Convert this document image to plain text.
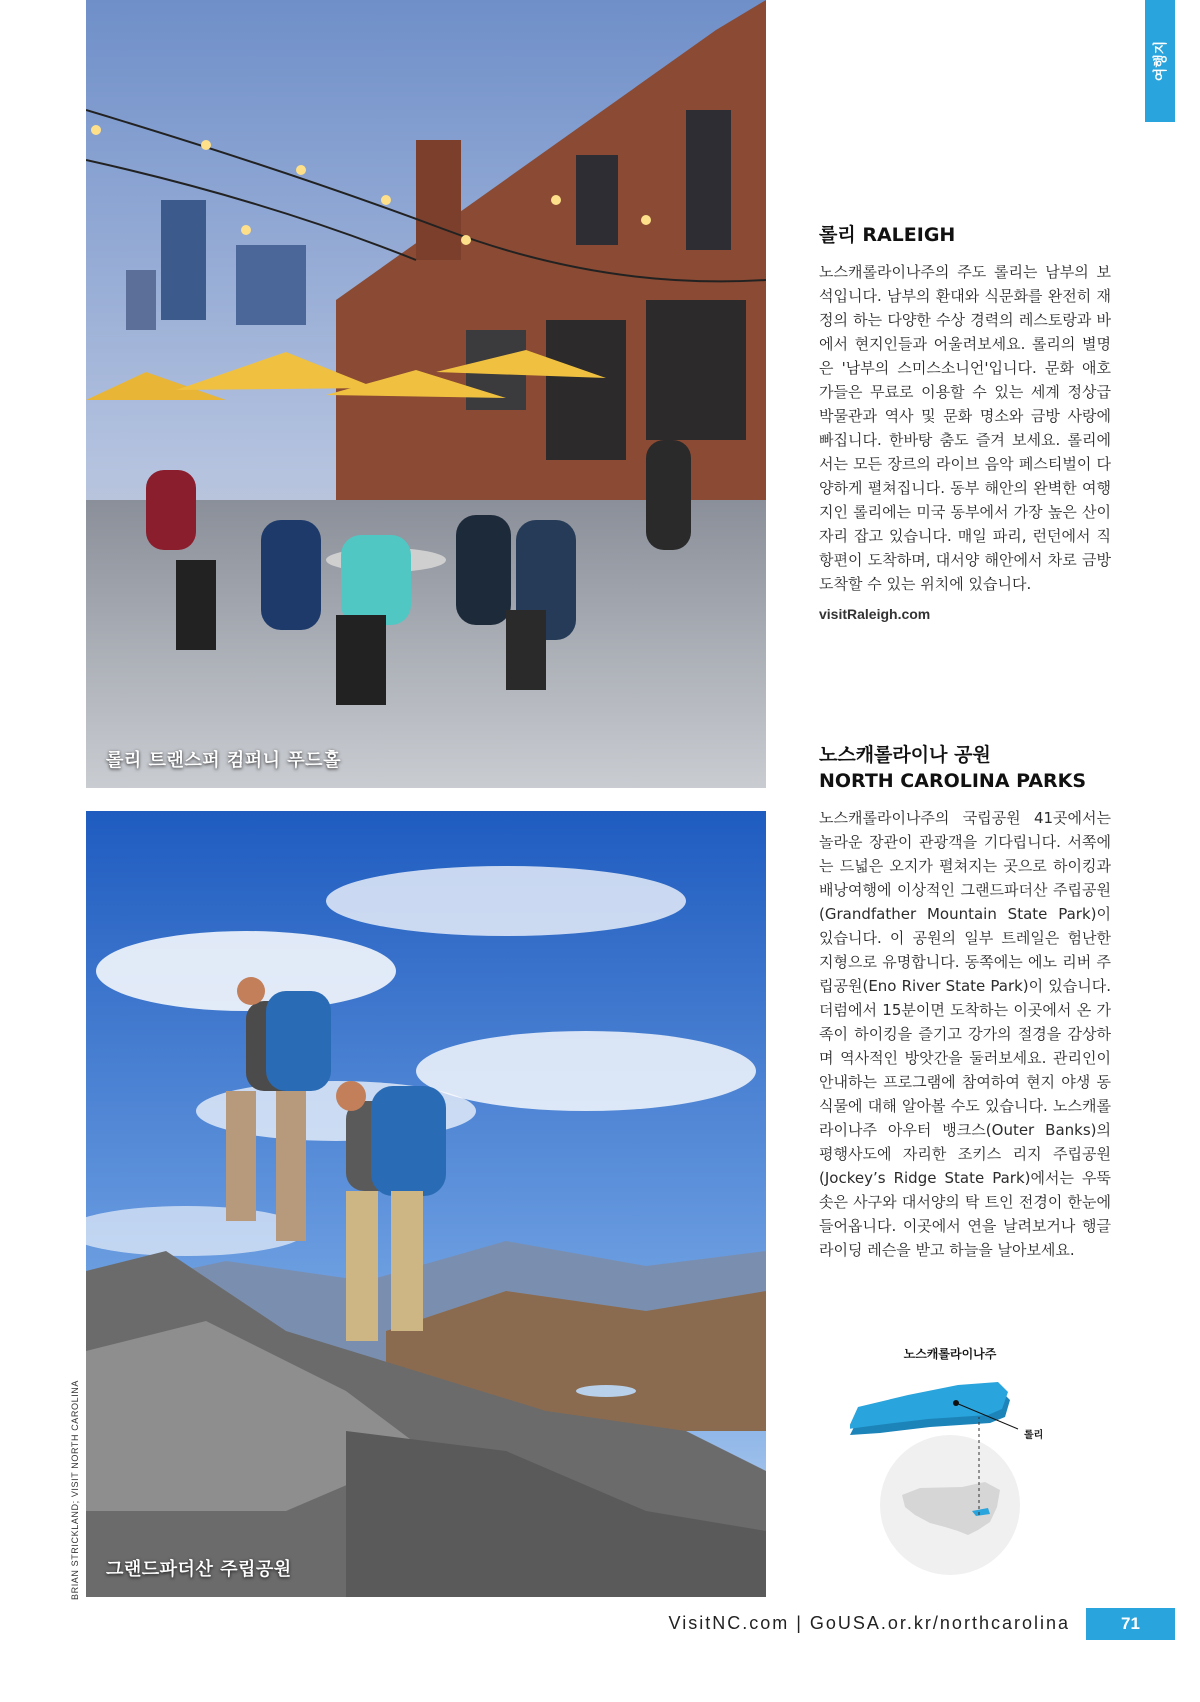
여행지
롤리 트랜스퍼 컴퍼니 푸드홀
그랜드파더산 주립공원
BRIAN STRICKLAND; VISIT NORTH CAROLINA
롤리 RALEIGH

노스캐롤라이나주의 주도 롤리는 남부의 보석입니다. 남부의 환대와 식문화를 완전히 재정의 하는 다양한 수상 경력의 레스토랑과 바에서 현지인들과 어울려보세요. 롤리의 별명은 '남부의 스미스소니언'입니다. 문화 애호가들은 무료로 이용할 수 있는 세계 정상급 박물관과 역사 및 문화 명소와 금방 사랑에 빠집니다. 한바탕 춤도 즐겨 보세요. 롤리에서는 모든 장르의 라이브 음악 페스티벌이 다양하게 펼쳐집니다. 동부 해안의 완벽한 여행지인 롤리에는 미국 동부에서 가장 높은 산이 자리 잡고 있습니다. 매일 파리, 런던에서 직항편이 도착하며, 대서양 해안에서 차로 금방 도착할 수 있는 위치에 있습니다.

visitRaleigh.com
노스캐롤라이나 공원
NORTH CAROLINA PARKS

노스캐롤라이나주의 국립공원 41곳에서는 놀라운 장관이 관광객을 기다립니다. 서쪽에는 드넓은 오지가 펼쳐지는 곳으로 하이킹과 배낭여행에 이상적인 그랜드파더산 주립공원(Grandfather Mountain State Park)이 있습니다. 이 공원의 일부 트레일은 험난한 지형으로 유명합니다. 동쪽에는 에노 리버 주립공원(Eno River State Park)이 있습니다. 더럼에서 15분이면 도착하는 이곳에서 온 가족이 하이킹을 즐기고 강가의 절경을 감상하며 역사적인 방앗간을 둘러보세요. 관리인이 안내하는 프로그램에 참여하여 현지 야생 동식물에 대해 알아볼 수도 있습니다. 노스캐롤라이나주 아우터 뱅크스(Outer Banks)의 평행사도에 자리한 조키스 리지 주립공원(Jockey’s Ridge State Park)에서는 우뚝 솟은 사구와 대서양의 탁 트인 전경이 한눈에 들어옵니다. 이곳에서 연을 날려보거나 행글라이딩 레슨을 받고 하늘을 날아보세요.

노스캐롤라이나주
롤리
VisitNC.com | GoUSA.or.kr/northcarolina	71
